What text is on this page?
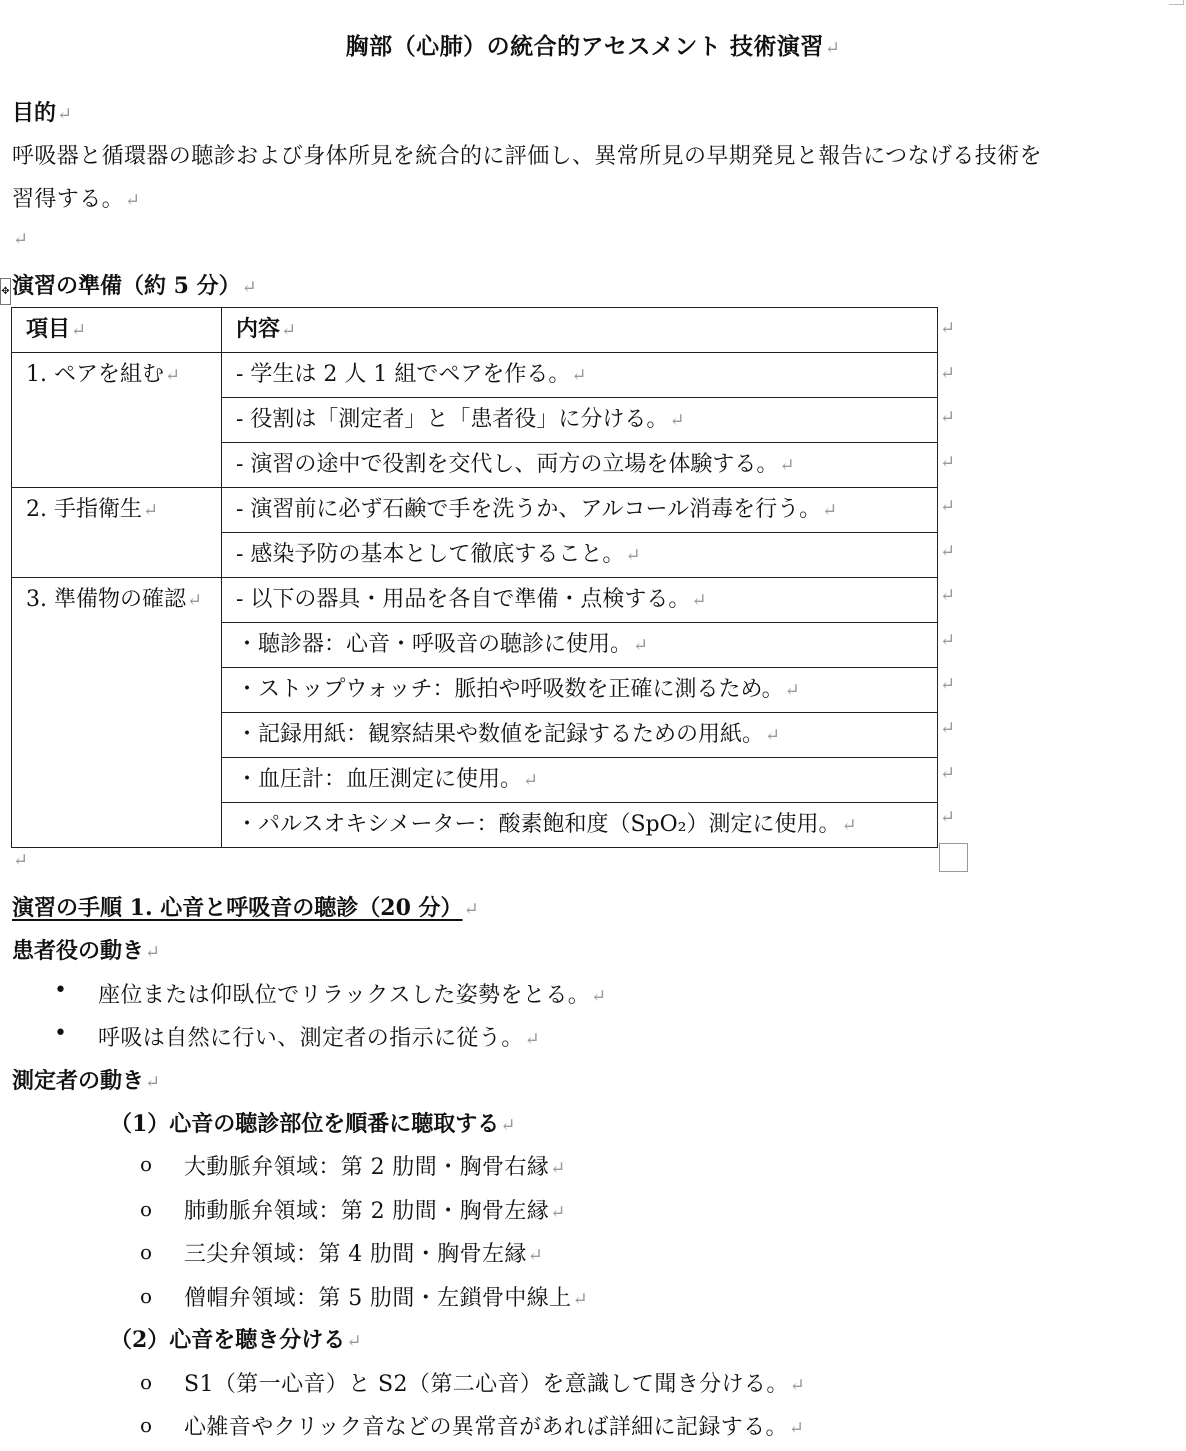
胸部（心肺）の統合的アセスメント 技術演習↵
目的↵
呼吸器と循環器の聴診および身体所見を統合的に評価し、異常所見の早期発見と報告につなげる技術を
習得する。↵
↵
✥ 演習の準備（約 5 分）↵
項目↵	内容↵
1. ペアを組む↵	- 学生は 2 人 1 組でペアを作る。↵
	- 役割は「測定者」と「患者役」に分ける。↵
	- 演習の途中で役割を交代し、両方の立場を体験する。↵
2. 手指衛生↵	- 演習前に必ず石鹸で手を洗うか、アルコール消毒を行う。↵
	- 感染予防の基本として徹底すること。↵
3. 準備物の確認↵	- 以下の器具・用品を各自で準備・点検する。↵
	・聴診器：心音・呼吸音の聴診に使用。↵
	・ストップウォッチ：脈拍や呼吸数を正確に測るため。↵
	・記録用紙：観察結果や数値を記録するための用紙。↵
	・血圧計：血圧測定に使用。↵
	・パルスオキシメーター：酸素飽和度（SpO₂）測定に使用。↵
↵
↵
↵
↵
↵
↵
↵
↵
↵
↵
↵
↵
↵
演習の手順 1. 心音と呼吸音の聴診（20 分）↵
患者役の動き↵
• 座位または仰臥位でリラックスした姿勢をとる。↵
• 呼吸は自然に行い、測定者の指示に従う。↵
測定者の動き↵
（1）心音の聴診部位を順番に聴取する↵
o 大動脈弁領域：第 2 肋間・胸骨右縁↵
o 肺動脈弁領域：第 2 肋間・胸骨左縁↵
o 三尖弁領域：第 4 肋間・胸骨左縁↵
o 僧帽弁領域：第 5 肋間・左鎖骨中線上↵
（2）心音を聴き分ける↵
o S1（第一心音）と S2（第二心音）を意識して聞き分ける。↵
o 心雑音やクリック音などの異常音があれば詳細に記録する。↵
